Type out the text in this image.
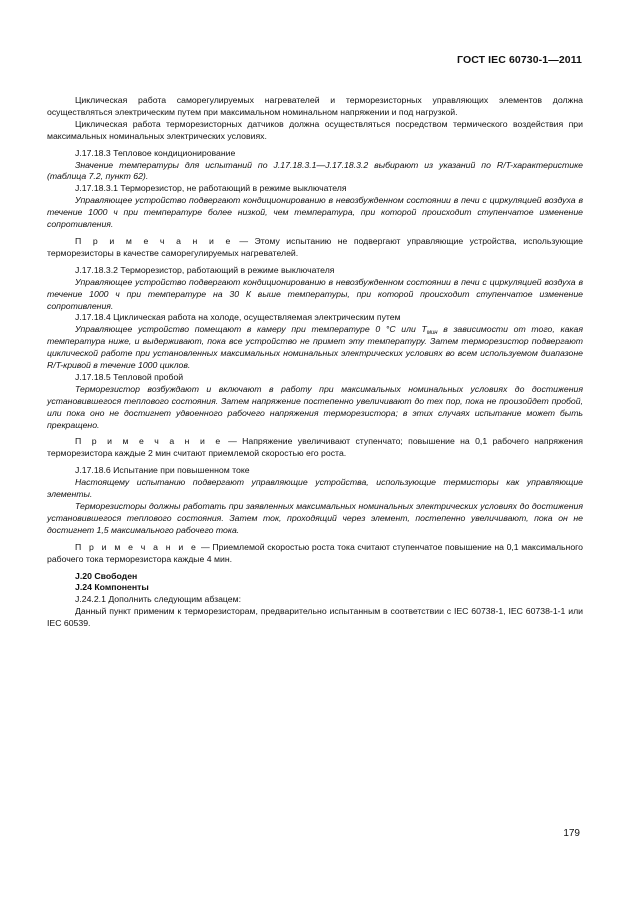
ГОСТ IEC 60730-1—2011

Циклическая работа саморегулируемых нагревателей и терморезисторных управляющих элементов должна осуществляться электрическим путем при максимальном номинальном напряжении и под нагрузкой.

Циклическая работа терморезисторных датчиков должна осуществляться посредством термического воздействия при максимальных номинальных электрических условиях.

J.17.18.3 Тепловое кондиционирование

Значение температуры для испытаний по J.17.18.3.1—J.17.18.3.2 выбирают из указаний по R/T-характеристике (таблица 7.2, пункт 62).

J.17.18.3.1 Терморезистор, не работающий в режиме выключателя

Управляющее устройство подвергают кондиционированию в невозбужденном состоянии в печи с циркуляцией воздуха в течение 1000 ч при температуре более низкой, чем температура, при которой происходит ступенчатое изменение сопротивления.

П р и м е ч а н и е — Этому испытанию не подвергают управляющие устройства, использующие терморезисторы в качестве саморегулируемых нагревателей.

J.17.18.3.2 Терморезистор, работающий в режиме выключателя

Управляющее устройство подвергают кондиционированию в невозбужденном состоянии в печи с циркуляцией воздуха в течение 1000 ч при температуре на 30 К выше температуры, при которой происходит ступенчатое изменение сопротивления.

J.17.18.4 Циклическая работа на холоде, осуществляемая электрическим путем

Управляющее устройство помещают в камеру при температуре 0 °C или $T_{мин}$ в зависимости от того, какая температура ниже, и выдерживают, пока все устройство не примет эту температуру. Затем терморезистор подвергают циклической работе при установленных максимальных номинальных электрических условиях во всем используемом диапазоне R/T-кривой в течение 1000 циклов.

J.17.18.5 Тепловой пробой

Терморезистор возбуждают и включают в работу при максимальных номинальных условиях до достижения установившегося теплового состояния. Затем напряжение постепенно увеличивают до тех пор, пока не произойдет пробой, или пока оно не достигнет удвоенного рабочего напряжения терморезистора; в этих случаях испытание может быть прекращено.

П р и м е ч а н и е — Напряжение увеличивают ступенчато; повышение на 0,1 рабочего напряжения терморезистора каждые 2 мин считают приемлемой скоростью его роста.

J.17.18.6 Испытание при повышенном токе

Настоящему испытанию подвергают управляющие устройства, использующие термисторы как управляющие элементы.

Терморезисторы должны работать при заявленных максимальных номинальных электрических условиях до достижения установившегося теплового состояния. Затем ток, проходящий через элемент, постепенно увеличивают, пока он не достигнет 1,5 максимального рабочего тока.

П р и м е ч а н и е — Приемлемой скоростью роста тока считают ступенчатое повышение на 0,1 максимального рабочего тока терморезистора каждые 4 мин.

J.20 Свободен

J.24 Компоненты

J.24.2.1 Дополнить следующим абзацем:

Данный пункт применим к терморезисторам, предварительно испытанным в соответствии с IEC 60738-1, IEC 60738-1-1 или IEC 60539.

179
